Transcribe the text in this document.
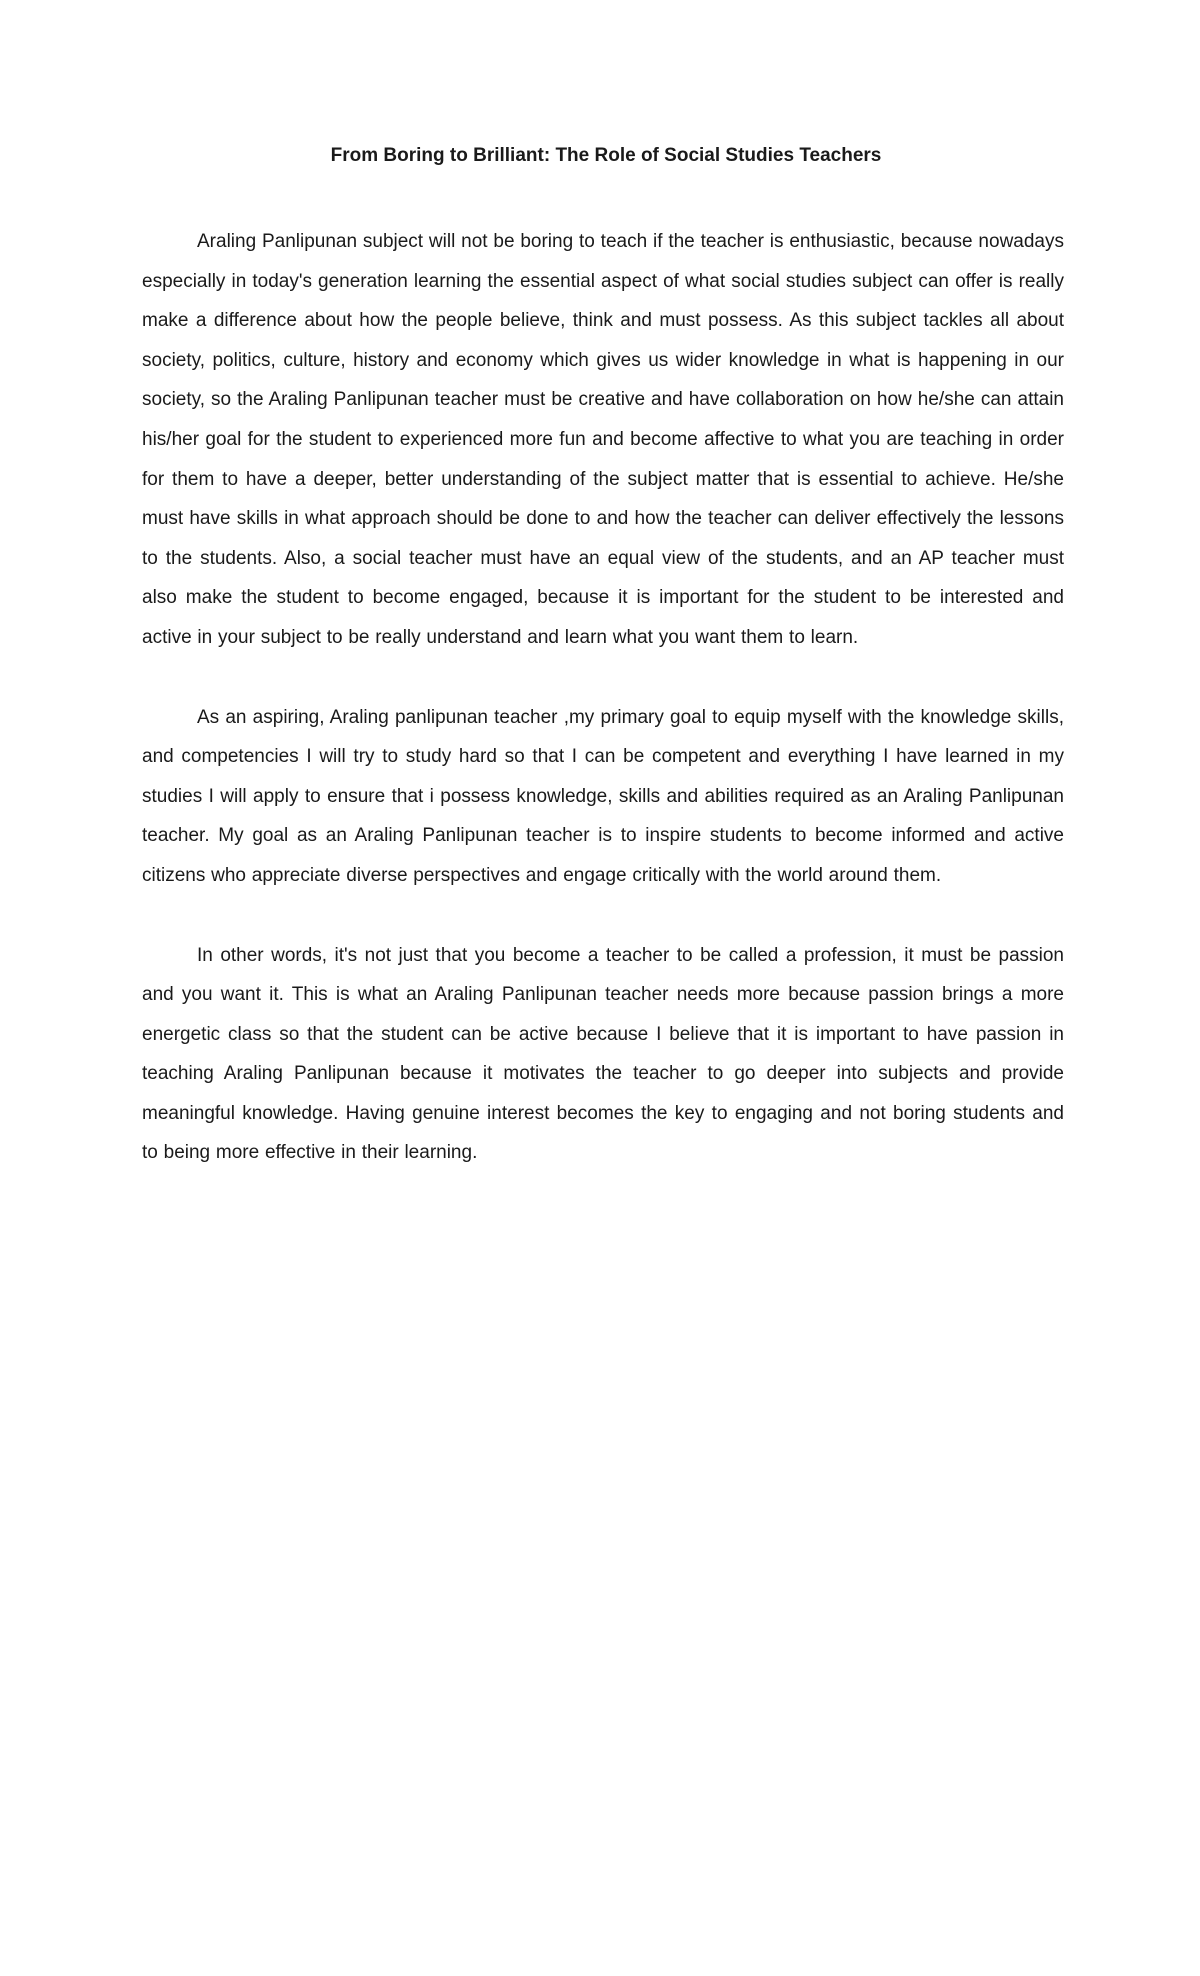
From Boring to Brilliant: The Role of Social Studies Teachers

Araling Panlipunan subject will not be boring to teach if the teacher is enthusiastic, because nowadays especially in today's generation learning the essential aspect of what social studies subject can offer is really make a difference about how the people believe, think and must possess. As this subject tackles all about society, politics, culture, history and economy which gives us wider knowledge in what is happening in our society, so the Araling Panlipunan teacher must be creative and have collaboration on how he/she can attain his/her goal for the student to experienced more fun and become affective to what you are teaching in order for them to have a deeper, better understanding of the subject matter that is essential to achieve. He/she must have skills in what approach should be done to and how the teacher can deliver effectively the lessons to the students. Also, a social teacher must have an equal view of the students, and an AP teacher must also make the student to become engaged, because it is important for the student to be interested and active in your subject to be really understand and learn what you want them to learn.

As an aspiring, Araling panlipunan teacher ,my primary goal to equip myself with the knowledge skills, and competencies I will try to study hard so that I can be competent and everything I have learned in my studies I will apply to ensure that i possess knowledge, skills and abilities required as an Araling Panlipunan teacher. My goal as an Araling Panlipunan teacher is to inspire students to become informed and active citizens who appreciate diverse perspectives and engage critically with the world around them.

In other words, it's not just that you become a teacher to be called a profession, it must be passion and you want it. This is what an Araling Panlipunan teacher needs more because passion brings a more energetic class so that the student can be active because I believe that it is important to have passion in teaching Araling Panlipunan because it motivates the teacher to go deeper into subjects and provide meaningful knowledge. Having genuine interest becomes the key to engaging and not boring students and to being more effective in their learning.
